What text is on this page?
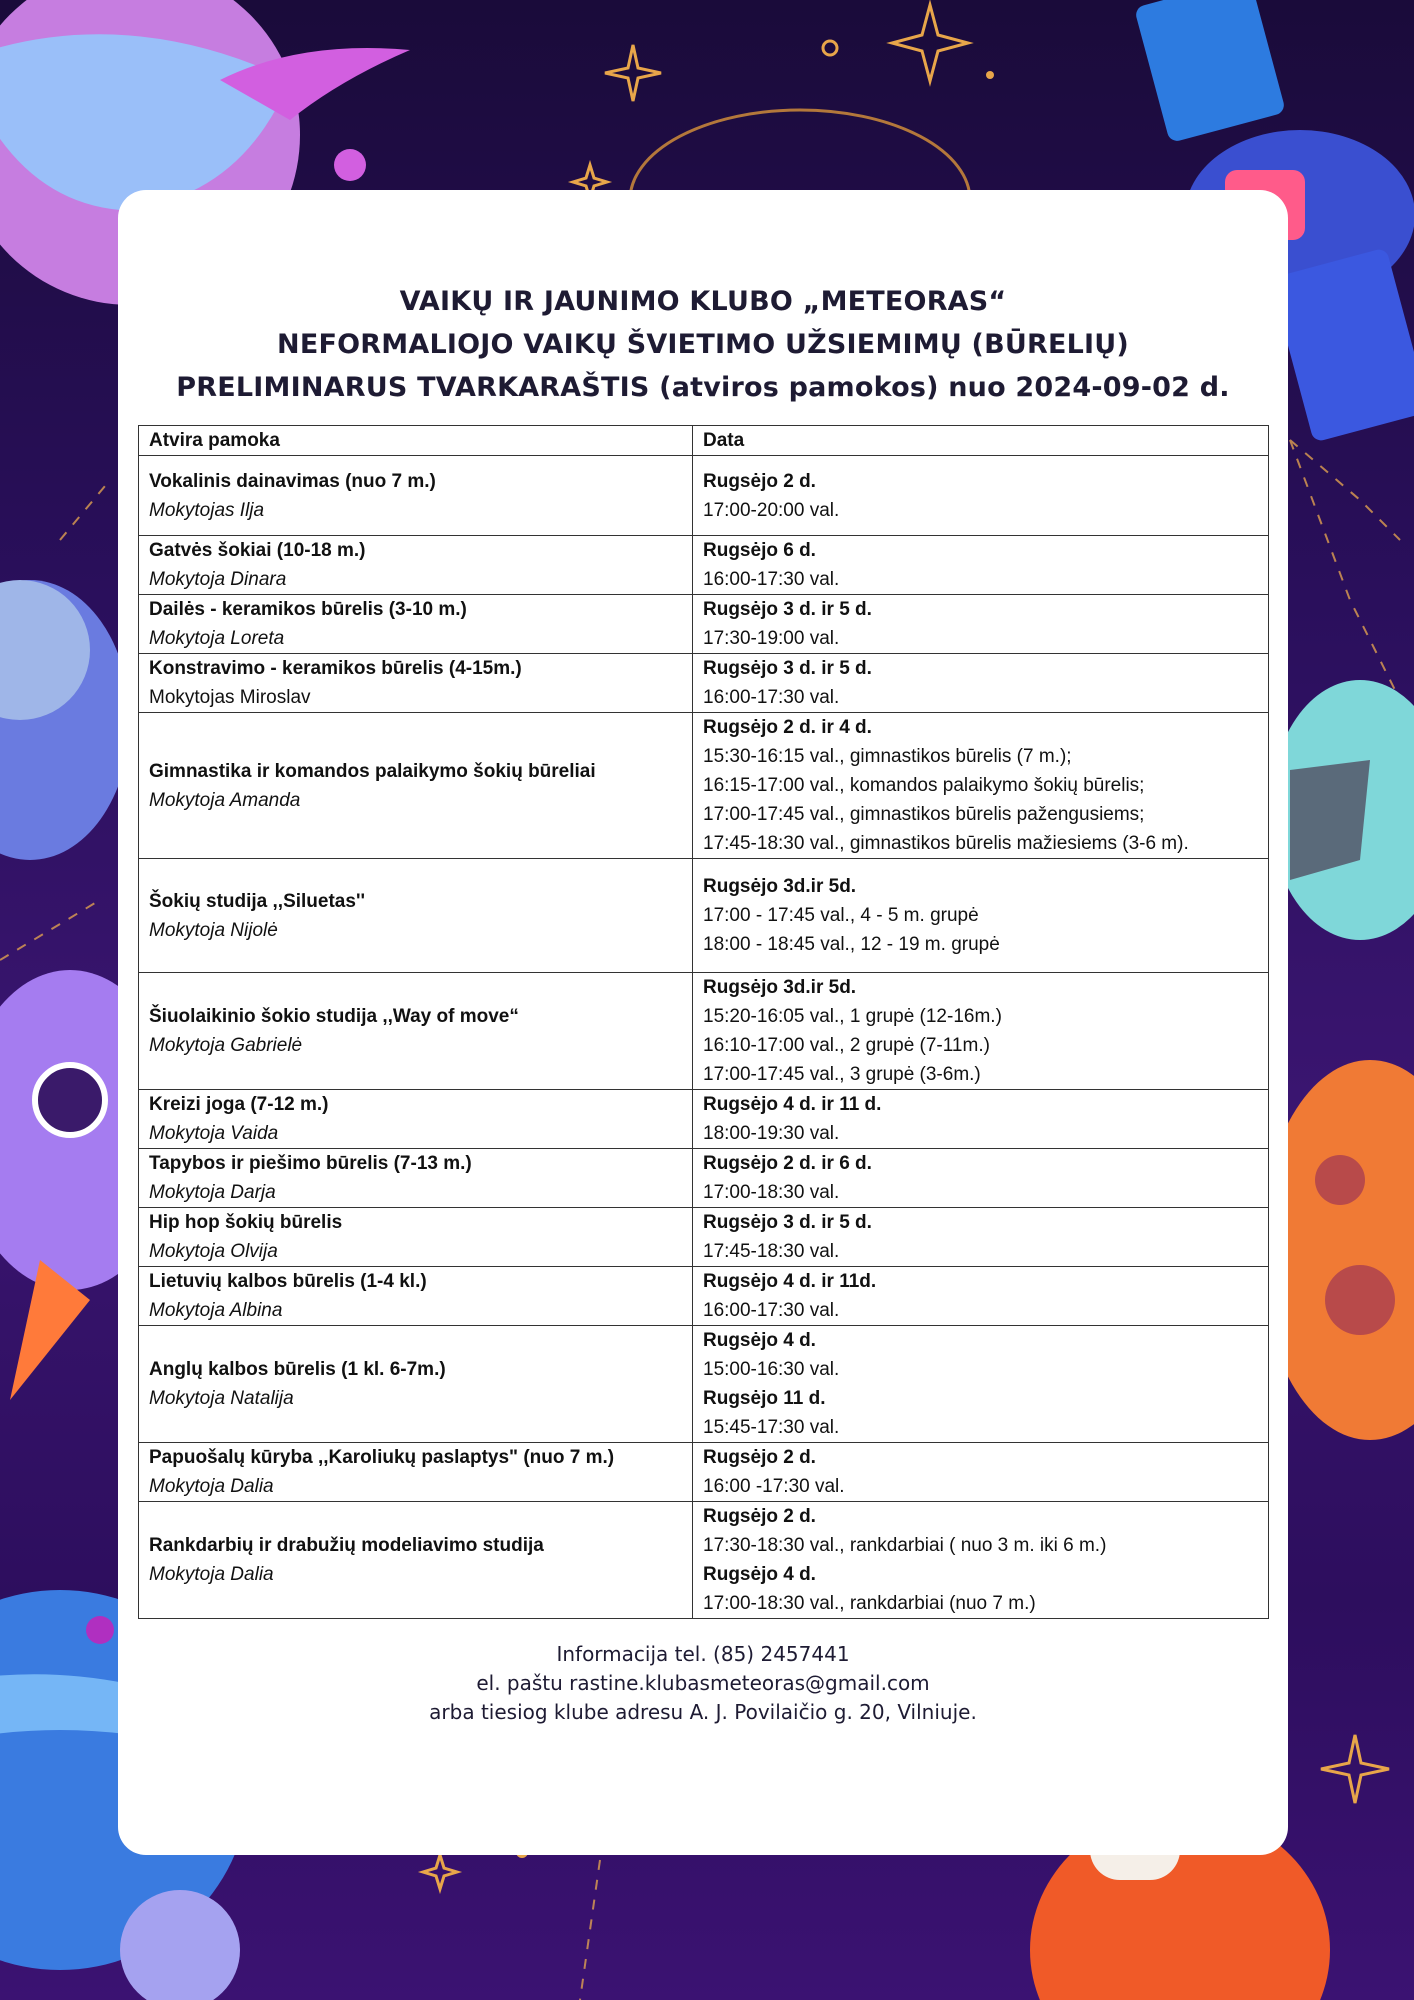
VAIKŲ IR JAUNIMO KLUBO „METEORAS“
NEFORMALIOJO VAIKŲ ŠVIETIMO UŽSIEMIMŲ (BŪRELIŲ)
PRELIMINARUS TVARKARAŠTIS (atviros pamokos) nuo 2024-09-02 d.
Atvira pamoka	Data

Vokalinis dainavimas (nuo 7 m.)
Mokytojas Ilja	Rugsėjo 2 d.
17:00-20:00 val.

Gatvės šokiai (10-18 m.)
Mokytoja Dinara	Rugsėjo 6 d.
16:00-17:30 val.

Dailės - keramikos būrelis (3-10 m.)
Mokytoja Loreta	Rugsėjo 3 d. ir 5 d.
17:30-19:00 val.

Konstravimo - keramikos būrelis (4-15m.)
Mokytojas Miroslav	Rugsėjo 3 d. ir 5 d.
16:00-17:30 val.

Gimnastika ir komandos palaikymo šokių būreliai
Mokytoja Amanda	Rugsėjo 2 d. ir 4 d.
15:30-16:15 val., gimnastikos būrelis (7 m.);
16:15-17:00 val., komandos palaikymo šokių būrelis;
17:00-17:45 val., gimnastikos būrelis pažengusiems;
17:45-18:30 val., gimnastikos būrelis mažiesiems (3-6 m).

Šokių studija ,,Siluetas''
Mokytoja Nijolė	Rugsėjo 3d.ir 5d.
17:00 - 17:45 val., 4 - 5 m. grupė
18:00 - 18:45 val., 12 - 19 m. grupė

Šiuolaikinio šokio studija ,,Way of move“
Mokytoja Gabrielė	Rugsėjo 3d.ir 5d.
15:20-16:05 val., 1 grupė (12-16m.)
16:10-17:00 val., 2 grupė (7-11m.)
17:00-17:45 val., 3 grupė (3-6m.)

Kreizi joga (7-12 m.)
Mokytoja Vaida	Rugsėjo 4 d. ir 11 d.
18:00-19:30 val.

Tapybos ir piešimo būrelis (7-13 m.)
Mokytoja Darja	Rugsėjo 2 d. ir 6 d.
17:00-18:30 val.

Hip hop šokių būrelis
Mokytoja Olvija	Rugsėjo 3 d. ir 5 d.
17:45-18:30 val.

Lietuvių kalbos būrelis (1-4 kl.)
Mokytoja Albina	Rugsėjo 4 d. ir 11d.
16:00-17:30 val.

Anglų kalbos būrelis (1 kl. 6-7m.)
Mokytoja Natalija	Rugsėjo 4 d.
15:00-16:30 val.
Rugsėjo 11 d.
15:45-17:30 val.

Papuošalų kūryba ,,Karoliukų paslaptys" (nuo 7 m.)
Mokytoja Dalia	Rugsėjo 2 d.
16:00 -17:30 val.

Rankdarbių ir drabužių modeliavimo studija
Mokytoja Dalia	Rugsėjo 2 d.
17:30-18:30 val., rankdarbiai ( nuo 3 m. iki 6 m.)
Rugsėjo 4 d.
17:00-18:30 val., rankdarbiai (nuo 7 m.)
Informacija tel. (85) 2457441
el. paštu rastine.klubasmeteoras@gmail.com
arba tiesiog klube adresu A. J. Povilaičio g. 20, Vilniuje.
